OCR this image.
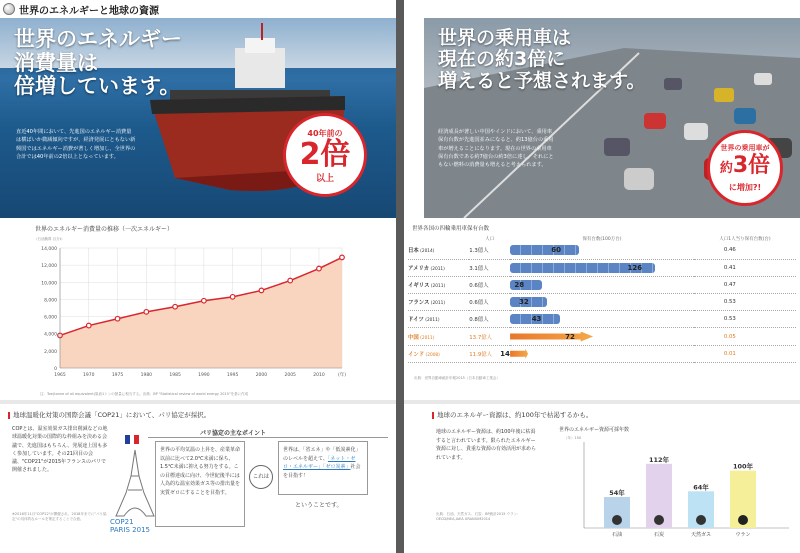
世界のエネルギーと地球の資源
世界のエネルギー
消費量は
倍増しています。
直近40年間において、先進国のエネルギー消費量は横ばいか微減傾向ですが、経済発展にともない新興国ではエネルギー消費が著しく増加し、全世界の合計では40年前の2倍以上となっています。
40年前の
2倍
以上
世界のエネルギー消費量の推移（一次エネルギー）
（石油換算 百万t）
14,000
12,000
10,000
8,000
6,000
4,000
2,000
0
1965	1970	1975	1980	1985	1990	1995	2000	2005	2010	(年)
注：Toe(tonne of oil equivalent)原油1トンの熱量に相当する。出典：BP "Statistical review of world energy 2015"を基に作成
地球温暖化対策の国際会議「COP21」において、パリ協定が採択。
COPとは、温室効果ガス排出削減などの地球温暖化対策の国際的な枠組みを決める会議で、先進国はもちろん、発展途上国も多く参加しています。その21回目の会議、"COP21"が2015年フランスのパリで開催されました。
※2016年11月"COP22"が開催され、2018年までに"パリ協定"の具体的なルールを策定することで合意。	COP21
PARIS 2015
パリ協定の主なポイント
世界の平均気温の上昇を、産業革命以前に比べて2.0℃未満に保ち、1.5℃未満に抑える努力をする。この目標達成に向け、今世紀後半には人為的な温室効果ガス等の排出量を実質ゼロにすることを目指す。
これは
世界は、「省エネ」や「低炭素化」のレベルを超えて、「ネット・ゼロ・エネルギー」「ゼロ炭素」社会を目指す！
ということです。
世界の乗用車は
現在の約3倍に
増えると予想されます。
経済成長が著しい中国やインドにおいて、乗用車保有台数が先進国並みになると、約13億台の乗用車が増えることになります。現在の世界の乗用車保有台数である約7億台の約3倍に達し、それにともない燃料の消費量も増えると考えられます。
世界の乗用車が
約3倍
に増加?!
世界各国の四輪乗用車保有台数
	人口	保有台数(100万台)	人口1人当り保有台数(台)
日本 (2014)	1.3億人	60	0.46
アメリカ (2011)	3.1億人	126	0.41
イギリス (2011)	0.6億人	28	0.47
フランス (2011)	0.6億人	32	0.53
ドイツ (2011)	0.8億人	43	0.53
中国 (2011)	13.7億人	72	0.05
インド (2008)	11.9億人	14	0.01
出典：世界自動車統計年報2015（日本自動車工業会）
地球のエネルギー資源は、約100年で枯渇するかも。
地球のエネルギー資源は、約100年後に枯渇すると言われています。限られたエネルギー資源に対し、貴重な資源の有効活用が求められています。
出典：石油、天然ガス、石炭：BP統計2015 ウラン：OECD/NEA,IAEA URANIUM2014
世界のエネルギー資源可採年数
（年）150
54年
石油
112年
石炭
64年
天然ガス
100年
ウラン
